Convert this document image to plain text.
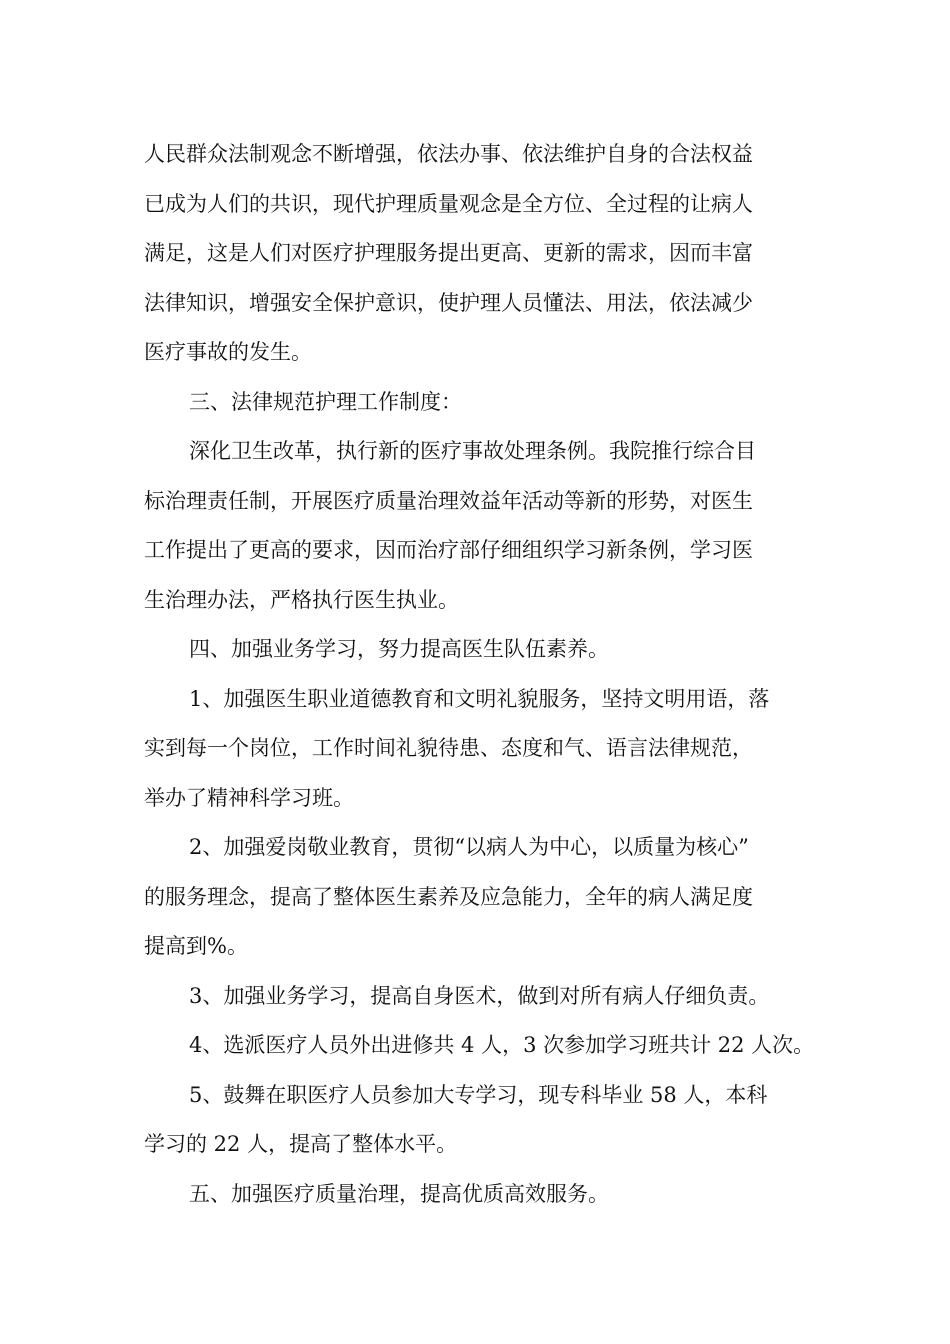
人民群众法制观念不断增强，依法办事、依法维护自身的合法权益
已成为人们的共识，现代护理质量观念是全方位、全过程的让病人
满足，这是人们对医疗护理服务提出更高、更新的需求，因而丰富
法律知识，增强安全保护意识，使护理人员懂法、用法，依法减少
医疗事故的发生。
三、法律规范护理工作制度：
深化卫生改革，执行新的医疗事故处理条例。我院推行综合目
标治理责任制，开展医疗质量治理效益年活动等新的形势，对医生
工作提出了更高的要求，因而治疗部仔细组织学习新条例，学习医
生治理办法，严格执行医生执业。
四、加强业务学习，努力提高医生队伍素养。
1、加强医生职业道德教育和文明礼貌服务，坚持文明用语，落
实到每一个岗位，工作时间礼貌待患、态度和气、语言法律规范，
举办了精神科学习班。
2、加强爱岗敬业教育，贯彻“以病人为中心，以质量为核心”
的服务理念，提高了整体医生素养及应急能力，全年的病人满足度
提高到%。
3、加强业务学习，提高自身医术，做到对所有病人仔细负责。
4、选派医疗人员外出进修共 4 人，3 次参加学习班共计 22 人次。
5、鼓舞在职医疗人员参加大专学习，现专科毕业 58 人，本科
学习的 22 人，提高了整体水平。
五、加强医疗质量治理，提高优质高效服务。
